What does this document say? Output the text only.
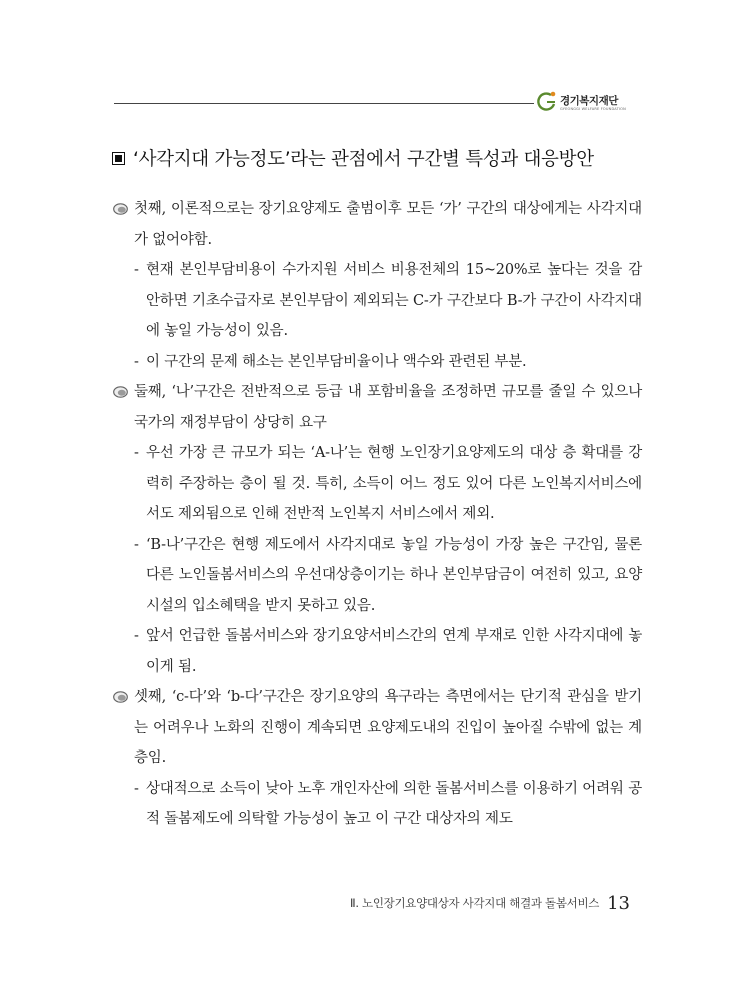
경기복지재단
GYEONGGI WELFARE FOUNDATION
‘사각지대 가능정도’라는 관점에서 구간별 특성과 대응방안
첫째, 이론적으로는 장기요양제도 출범이후 모든 ‘가’ 구간의 대상에게는 사각지대가 없어야함.
- 현재 본인부담비용이 수가지원 서비스 비용전체의 15~20%로 높다는 것을 감안하면 기초수급자로 본인부담이 제외되는 C-가 구간보다 B-가 구간이 사각지대에 놓일 가능성이 있음.
- 이 구간의 문제 해소는 본인부담비율이나 액수와 관련된 부분.
둘째, ‘나’구간은 전반적으로 등급 내 포함비율을 조정하면 규모를 줄일 수 있으나 국가의 재정부담이 상당히 요구
- 우선 가장 큰 규모가 되는 ‘A-나’는 현행 노인장기요양제도의 대상 층 확대를 강력히 주장하는 층이 될 것. 특히, 소득이 어느 정도 있어 다른 노인복지서비스에서도 제외됨으로 인해 전반적 노인복지 서비스에서 제외.
- ‘B-나’구간은 현행 제도에서 사각지대로 놓일 가능성이 가장 높은 구간임, 물론 다른 노인돌봄서비스의 우선대상층이기는 하나 본인부담금이 여전히 있고, 요양시설의 입소혜택을 받지 못하고 있음.
- 앞서 언급한 돌봄서비스와 장기요양서비스간의 연계 부재로 인한 사각지대에 놓이게 됨.
셋째, ‘c-다’와 ‘b-다’구간은 장기요양의 욕구라는 측면에서는 단기적 관심을 받기는 어려우나 노화의 진행이 계속되면 요양제도내의 진입이 높아질 수밖에 없는 계층임.
- 상대적으로 소득이 낮아 노후 개인자산에 의한 돌봄서비스를 이용하기 어려워 공적 돌봄제도에 의탁할 가능성이 높고 이 구간 대상자의 제도
Ⅱ. 노인장기요양대상자 사각지대 해결과 돌봄서비스 13
